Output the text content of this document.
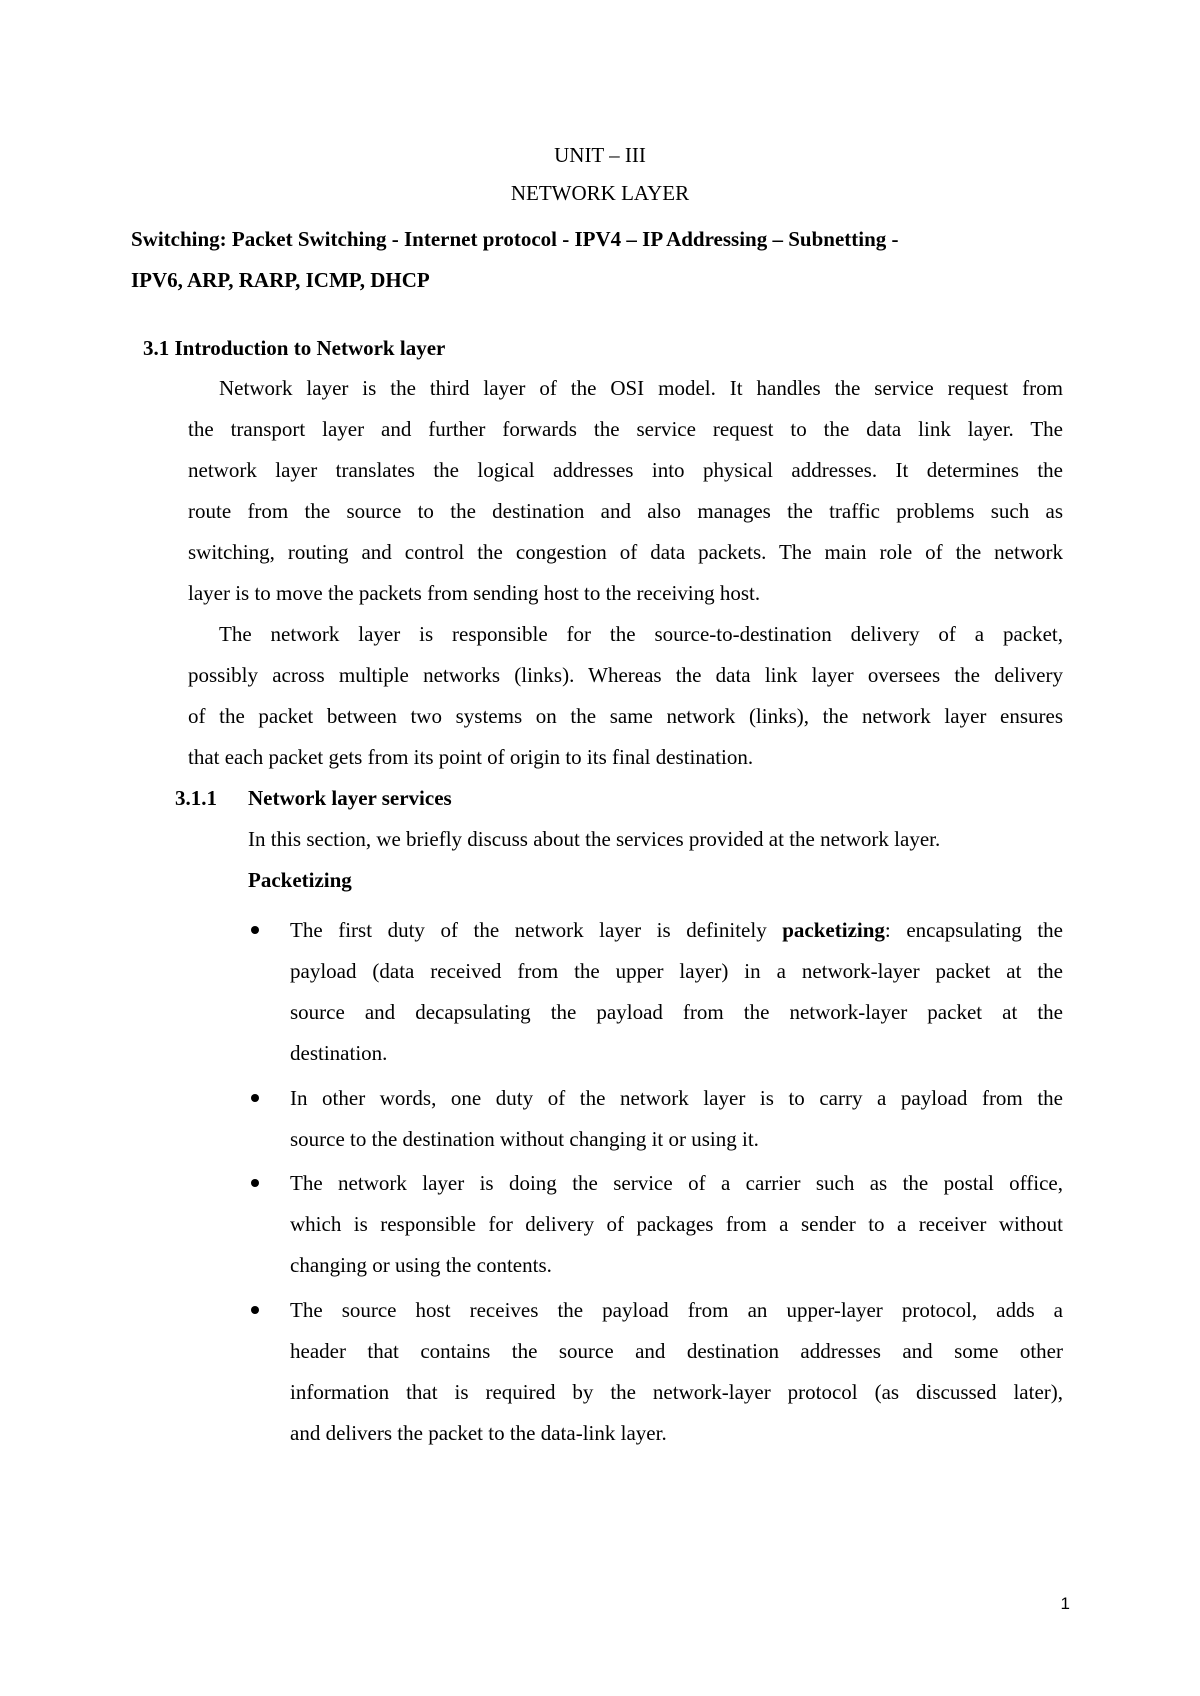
UNIT – III
NETWORK LAYER
Switching: Packet Switching - Internet protocol - IPV4 – IP Addressing – Subnetting -
IPV6, ARP, RARP, ICMP, DHCP
3.1 Introduction to Network layer
Network layer is the third layer of the OSI model. It handles the service request from
the transport layer and further forwards the service request to the data link layer. The
network layer translates the logical addresses into physical addresses. It determines the
route from the source to the destination and also manages the traffic problems such as
switching, routing and control the congestion of data packets. The main role of the network
layer is to move the packets from sending host to the receiving host.
The network layer is responsible for the source-to-destination delivery of a packet,
possibly across multiple networks (links). Whereas the data link layer oversees the delivery
of the packet between two systems on the same network (links), the network layer ensures
that each packet gets from its point of origin to its final destination.
3.1.1 Network layer services
In this section, we briefly discuss about the services provided at the network layer.
Packetizing
The first duty of the network layer is definitely packetizing: encapsulating the
payload (data received from the upper layer) in a network-layer packet at the
source and decapsulating the payload from the network-layer packet at the
destination.
In other words, one duty of the network layer is to carry a payload from the
source to the destination without changing it or using it.
The network layer is doing the service of a carrier such as the postal office,
which is responsible for delivery of packages from a sender to a receiver without
changing or using the contents.
The source host receives the payload from an upper-layer protocol, adds a
header that contains the source and destination addresses and some other
information that is required by the network-layer protocol (as discussed later),
and delivers the packet to the data-link layer.
1
